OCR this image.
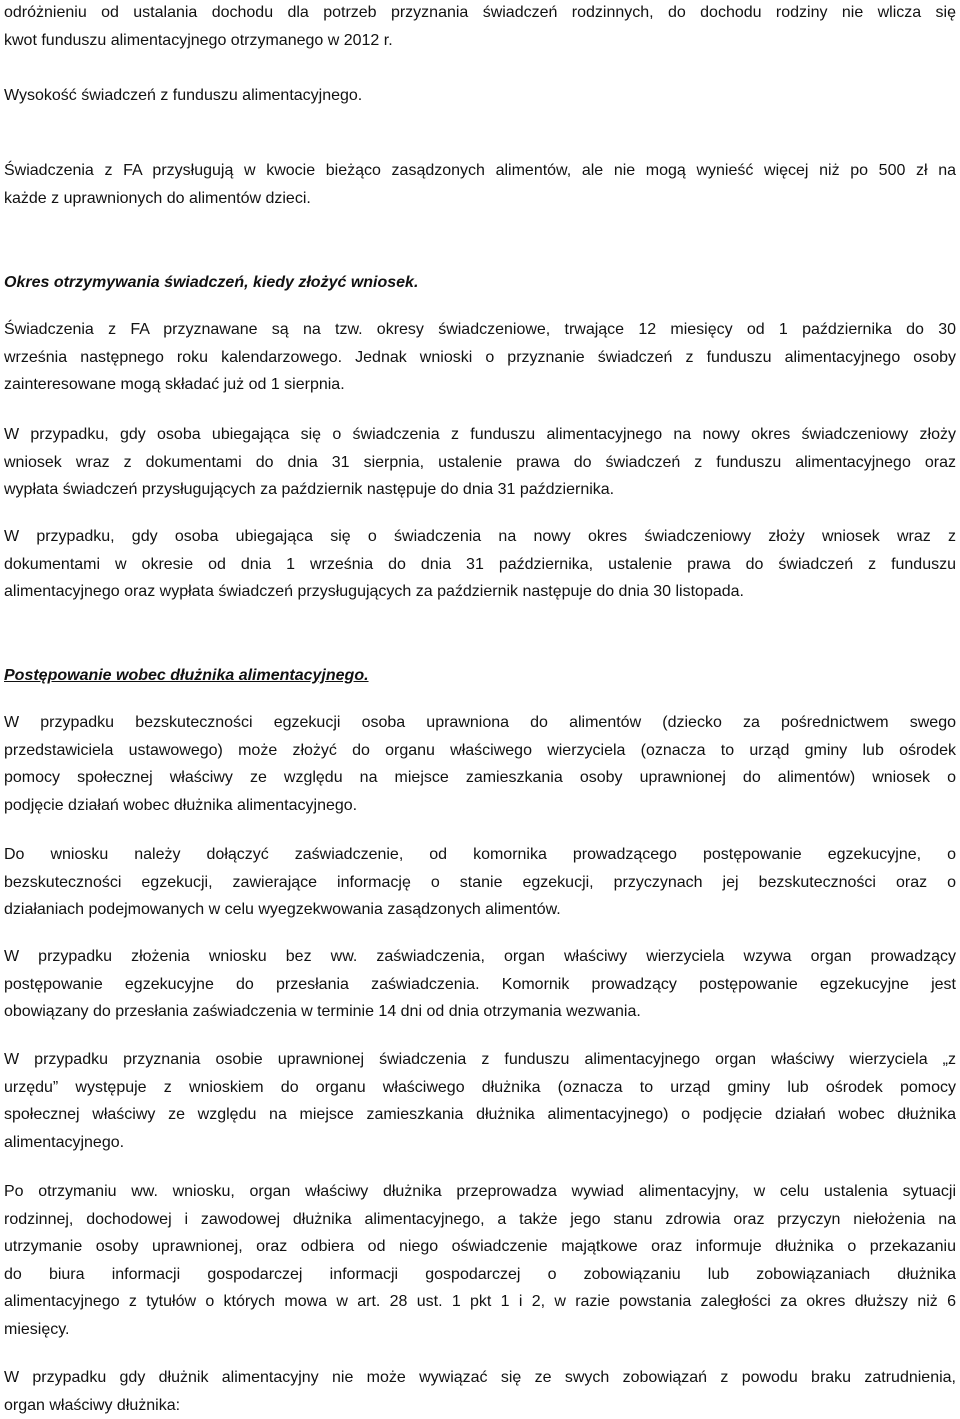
odróżnieniu od ustalania dochodu dla potrzeb przyznania świadczeń rodzinnych, do dochodu rodziny nie wlicza się
kwot funduszu alimentacyjnego otrzymanego w 2012 r.

Wysokość świadczeń z funduszu alimentacyjnego.

Świadczenia z FA przysługują w kwocie bieżąco zasądzonych alimentów, ale nie mogą wynieść więcej niż po 500 zł na
każde z uprawnionych do alimentów dzieci.

Okres otrzymywania świadczeń, kiedy złożyć wniosek.

Świadczenia z FA przyznawane są na tzw. okresy świadczeniowe, trwające 12 miesięcy od 1 października do 30
września następnego roku kalendarzowego. Jednak wnioski o przyznanie świadczeń z funduszu alimentacyjnego osoby
zainteresowane mogą składać już od 1 sierpnia.

W przypadku, gdy osoba ubiegająca się o świadczenia z funduszu alimentacyjnego na nowy okres świadczeniowy złoży
wniosek wraz z dokumentami do dnia 31 sierpnia, ustalenie prawa do świadczeń z funduszu alimentacyjnego oraz
wypłata świadczeń przysługujących za październik następuje do dnia 31 października.

W przypadku, gdy osoba ubiegająca się o świadczenia na nowy okres świadczeniowy złoży wniosek wraz z
dokumentami w okresie od dnia 1 września do dnia 31 października, ustalenie prawa do świadczeń z funduszu
alimentacyjnego oraz wypłata świadczeń przysługujących za październik następuje do dnia 30 listopada.

Postępowanie wobec dłużnika alimentacyjnego.

W przypadku bezskuteczności egzekucji osoba uprawniona do alimentów (dziecko za pośrednictwem swego
przedstawiciela ustawowego) może złożyć do organu właściwego wierzyciela (oznacza to urząd gminy lub ośrodek
pomocy społecznej właściwy ze względu na miejsce zamieszkania osoby uprawnionej do alimentów) wniosek o
podjęcie działań wobec dłużnika alimentacyjnego.

Do wniosku należy dołączyć zaświadczenie, od komornika prowadzącego postępowanie egzekucyjne, o
bezskuteczności egzekucji, zawierające informację o stanie egzekucji, przyczynach jej bezskuteczności oraz o
działaniach podejmowanych w celu wyegzekwowania zasądzonych alimentów.

W przypadku złożenia wniosku bez ww. zaświadczenia, organ właściwy wierzyciela wzywa organ prowadzący
postępowanie egzekucyjne do przesłania zaświadczenia. Komornik prowadzący postępowanie egzekucyjne jest
obowiązany do przesłania zaświadczenia w terminie 14 dni od dnia otrzymania wezwania.

W przypadku przyznania osobie uprawnionej świadczenia z funduszu alimentacyjnego organ właściwy wierzyciela „z
urzędu” występuje z wnioskiem do organu właściwego dłużnika (oznacza to urząd gminy lub ośrodek pomocy
społecznej właściwy ze względu na miejsce zamieszkania dłużnika alimentacyjnego) o podjęcie działań wobec dłużnika
alimentacyjnego.

Po otrzymaniu ww. wniosku, organ właściwy dłużnika przeprowadza wywiad alimentacyjny, w celu ustalenia sytuacji
rodzinnej, dochodowej i zawodowej dłużnika alimentacyjnego, a także jego stanu zdrowia oraz przyczyn niełożenia na
utrzymanie osoby uprawnionej, oraz odbiera od niego oświadczenie majątkowe oraz informuje dłużnika o przekazaniu
do biura informacji gospodarczej informacji gospodarczej o zobowiązaniu lub zobowiązaniach dłużnika
alimentacyjnego z tytułów o których mowa w art. 28 ust. 1 pkt 1 i 2, w razie powstania zaległości za okres dłuższy niż 6
miesięcy.

W przypadku gdy dłużnik alimentacyjny nie może wywiązać się ze swych zobowiązań z powodu braku zatrudnienia,
organ właściwy dłużnika:
